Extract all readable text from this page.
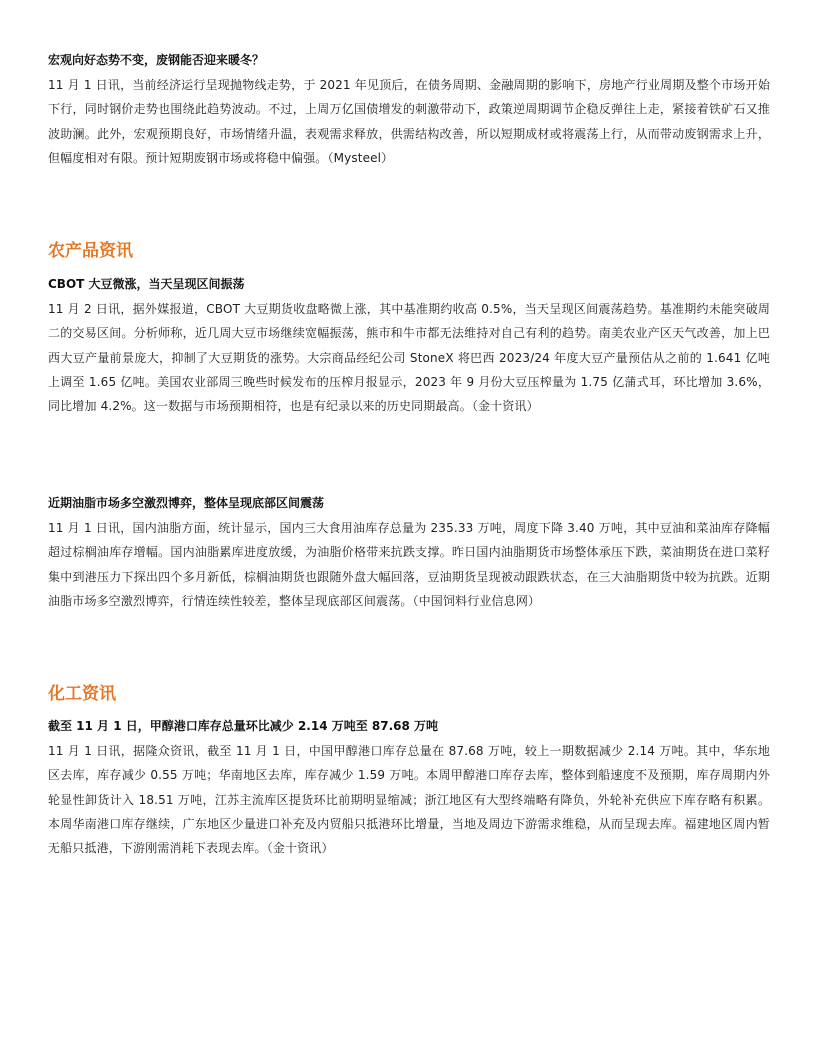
宏观向好态势不变，废钢能否迎来暖冬？

11 月 1 日讯，当前经济运行呈现抛物线走势，于 2021 年见顶后，在债务周期、金融周期的影响下，房地产行业周期及整个市场开始下行，同时钢价走势也围绕此趋势波动。不过，上周万亿国债增发的刺激带动下，政策逆周期调节企稳反弹往上走，紧接着铁矿石又推波助澜。此外，宏观预期良好，市场情绪升温，表观需求释放，供需结构改善，所以短期成材或将震荡上行，从而带动废钢需求上升，但幅度相对有限。预计短期废钢市场或将稳中偏强。（Mysteel）

农产品资讯
CBOT 大豆微涨，当天呈现区间振荡

11 月 2 日讯，据外媒报道，CBOT 大豆期货收盘略微上涨，其中基准期约收高 0.5%，当天呈现区间震荡趋势。基准期约未能突破周二的交易区间。分析师称，近几周大豆市场继续宽幅振荡，熊市和牛市都无法维持对自己有利的趋势。南美农业产区天气改善，加上巴西大豆产量前景庞大，抑制了大豆期货的涨势。大宗商品经纪公司 StoneX 将巴西 2023/24 年度大豆产量预估从之前的 1.641 亿吨上调至 1.65 亿吨。美国农业部周三晚些时候发布的压榨月报显示，2023 年 9 月份大豆压榨量为 1.75 亿蒲式耳，环比增加 3.6%，同比增加 4.2%。这一数据与市场预期相符，也是有纪录以来的历史同期最高。（金十资讯）

近期油脂市场多空激烈博弈，整体呈现底部区间震荡

11 月 1 日讯，国内油脂方面，统计显示，国内三大食用油库存总量为 235.33 万吨，周度下降 3.40 万吨，其中豆油和菜油库存降幅超过棕榈油库存增幅。国内油脂累库进度放缓，为油脂价格带来抗跌支撑。昨日国内油脂期货市场整体承压下跌，菜油期货在进口菜籽集中到港压力下探出四个多月新低，棕榈油期货也跟随外盘大幅回落，豆油期货呈现被动跟跌状态，在三大油脂期货中较为抗跌。近期油脂市场多空激烈博弈，行情连续性较差，整体呈现底部区间震荡。（中国饲料行业信息网）

化工资讯
截至 11 月 1 日，甲醇港口库存总量环比减少 2.14 万吨至 87.68 万吨

11 月 1 日讯，据隆众资讯，截至 11 月 1 日，中国甲醇港口库存总量在 87.68 万吨，较上一期数据减少 2.14 万吨。其中，华东地区去库，库存减少 0.55 万吨；华南地区去库，库存减少 1.59 万吨。本周甲醇港口库存去库，整体到船速度不及预期，库存周期内外轮显性卸货计入 18.51 万吨，江苏主流库区提货环比前期明显缩减；浙江地区有大型终端略有降负，外轮补充供应下库存略有积累。本周华南港口库存继续，广东地区少量进口补充及内贸船只抵港环比增量，当地及周边下游需求维稳，从而呈现去库。福建地区周内暂无船只抵港，下游刚需消耗下表现去库。（金十资讯）
